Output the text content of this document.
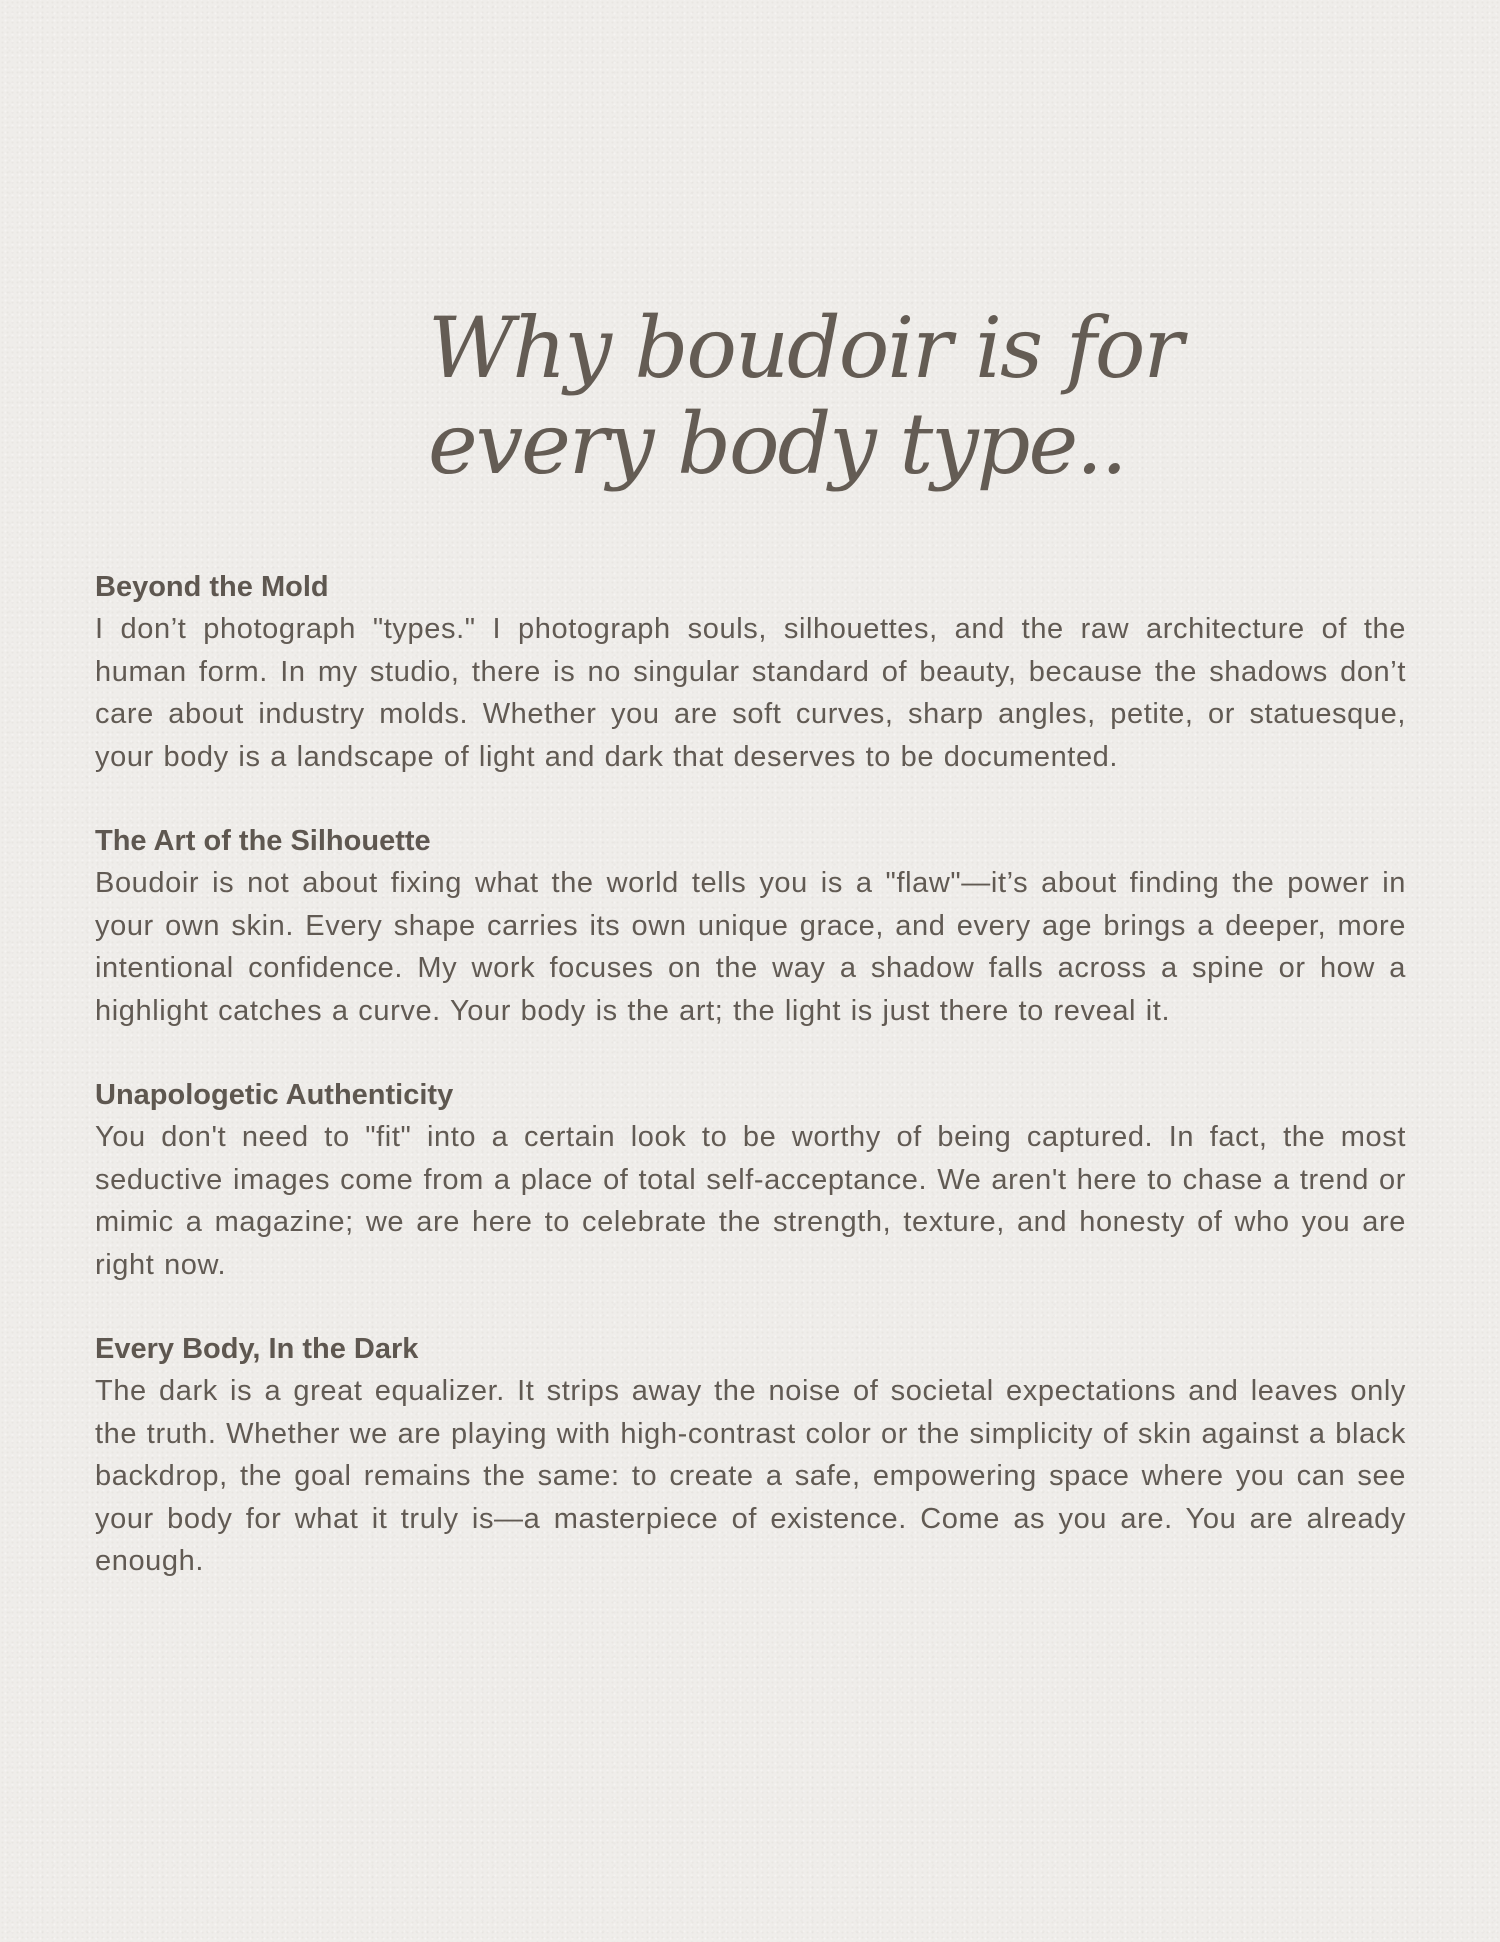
Why boudoir is for
every body type..
Beyond the Mold

I don’t photograph "types." I photograph souls, silhouettes, and the raw architecture of the human form. In my studio, there is no singular standard of beauty, because the shadows don’t care about industry molds. Whether you are soft curves, sharp angles, petite, or statuesque, your body is a landscape of light and dark that deserves to be documented.

The Art of the Silhouette

Boudoir is not about fixing what the world tells you is a "flaw"—it’s about finding the power in your own skin. Every shape carries its own unique grace, and every age brings a deeper, more intentional confidence. My work focuses on the way a shadow falls across a spine or how a highlight catches a curve. Your body is the art; the light is just there to reveal it.

Unapologetic Authenticity

You don't need to "fit" into a certain look to be worthy of being captured. In fact, the most seductive images come from a place of total self-acceptance. We aren't here to chase a trend or mimic a magazine; we are here to celebrate the strength, texture, and honesty of who you are right now.

Every Body, In the Dark

The dark is a great equalizer. It strips away the noise of societal expectations and leaves only the truth. Whether we are playing with high-contrast color or the simplicity of skin against a black backdrop, the goal remains the same: to create a safe, empowering space where you can see your body for what it truly is—a masterpiece of existence. Come as you are. You are already enough.
